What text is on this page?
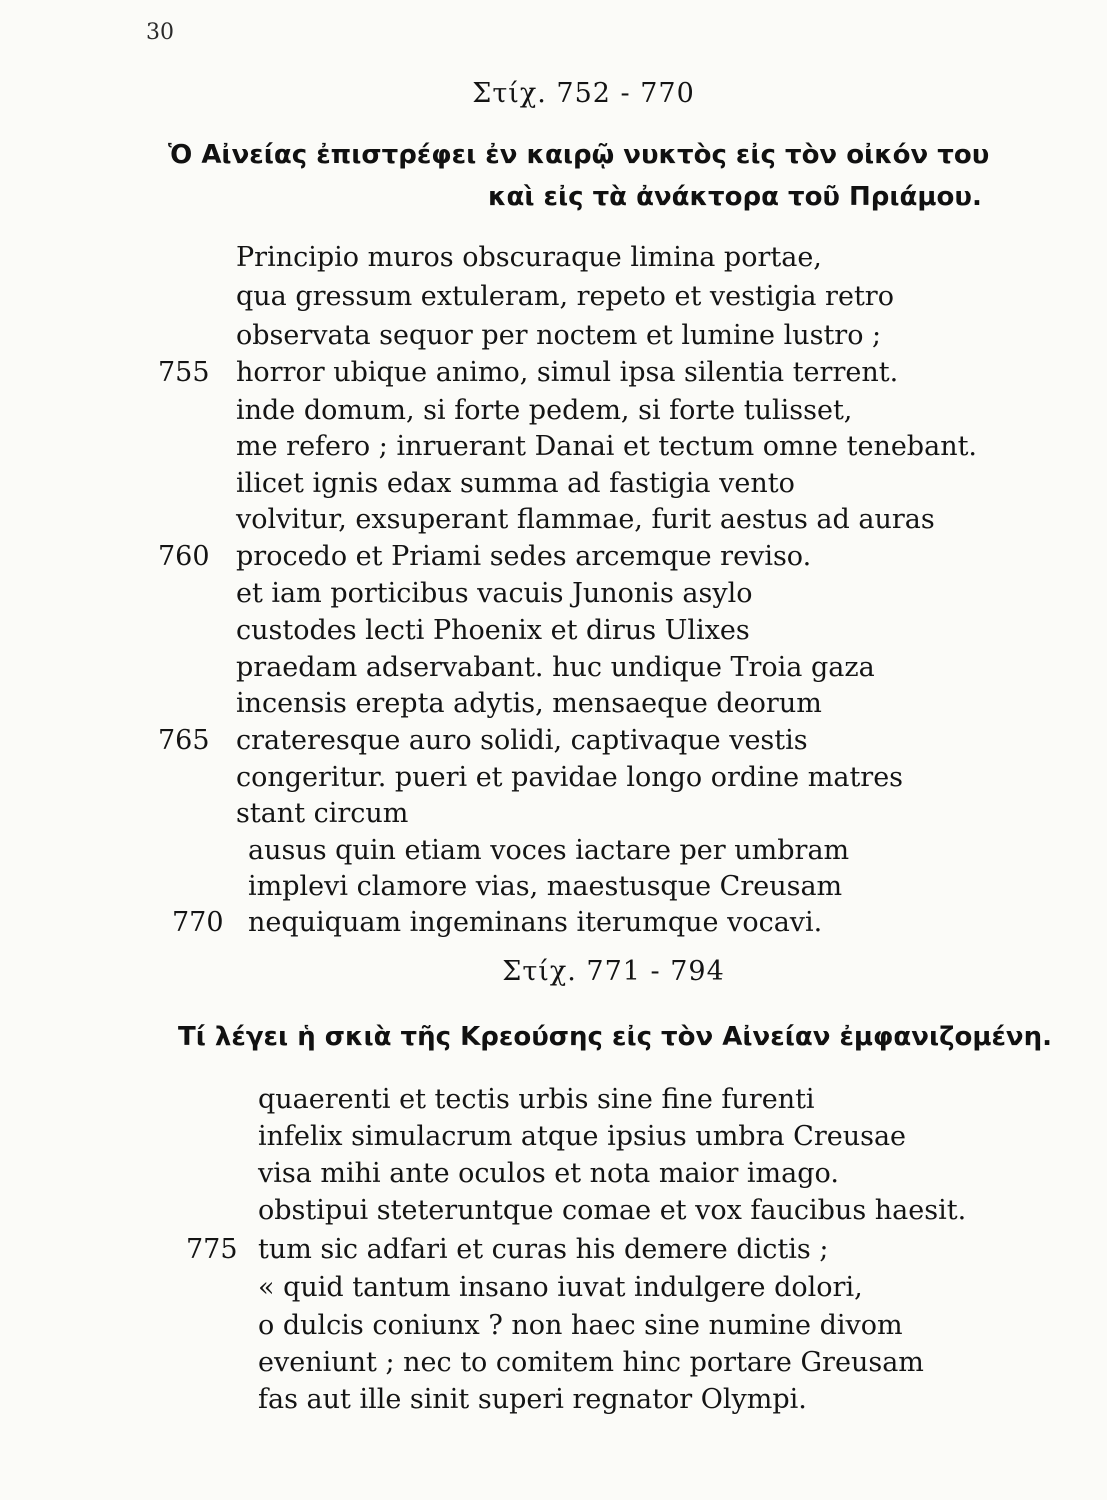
30
Στίχ. 752 - 770
Ὁ Αἰνείας ἐπιστρέφει ἐν καιρῷ νυκτὸς εἰς τὸν οἰκόν του
καὶ εἰς τὰ ἀνάκτορα τοῦ Πριάμου.
Principio muros obscuraque limina portae,
qua gressum extuleram, repeto et vestigia retro
observata sequor per noctem et lumine lustro ;
755 horror ubique animo, simul ipsa silentia terrent.
inde domum, si forte pedem, si forte tulisset,
me refero ; inruerant Danai et tectum omne tenebant.
ilicet ignis edax summa ad fastigia vento
volvitur, exsuperant flammae, furit aestus ad auras
760 procedo et Priami sedes arcemque reviso.
et iam porticibus vacuis Junonis asylo
custodes lecti Phoenix et dirus Ulixes
praedam adservabant. huc undique Troia gaza
incensis erepta adytis, mensaeque deorum
765 crateresque auro solidi, captivaque vestis
congeritur. pueri et pavidae longo ordine matres
stant circum
ausus quin etiam voces iactare per umbram
implevi clamore vias, maestusque Creusam
770 nequiquam ingeminans iterumque vocavi.
Στίχ. 771 - 794
Τί λέγει ἡ σκιὰ τῆς Κρεούσης εἰς τὸν Αἰνείαν ἐμφανιζομένη.
quaerenti et tectis urbis sine fine furenti
infelix simulacrum atque ipsius umbra Creusae
visa mihi ante oculos et nota maior imago.
obstipui steteruntque comae et vox faucibus haesit.
775 tum sic adfari et curas his demere dictis ;
« quid tantum insano iuvat indulgere dolori,
o dulcis coniunx ? non haec sine numine divom
eveniunt ; nec to comitem hinc portare Greusam
fas aut ille sinit superi regnator Olympi.
